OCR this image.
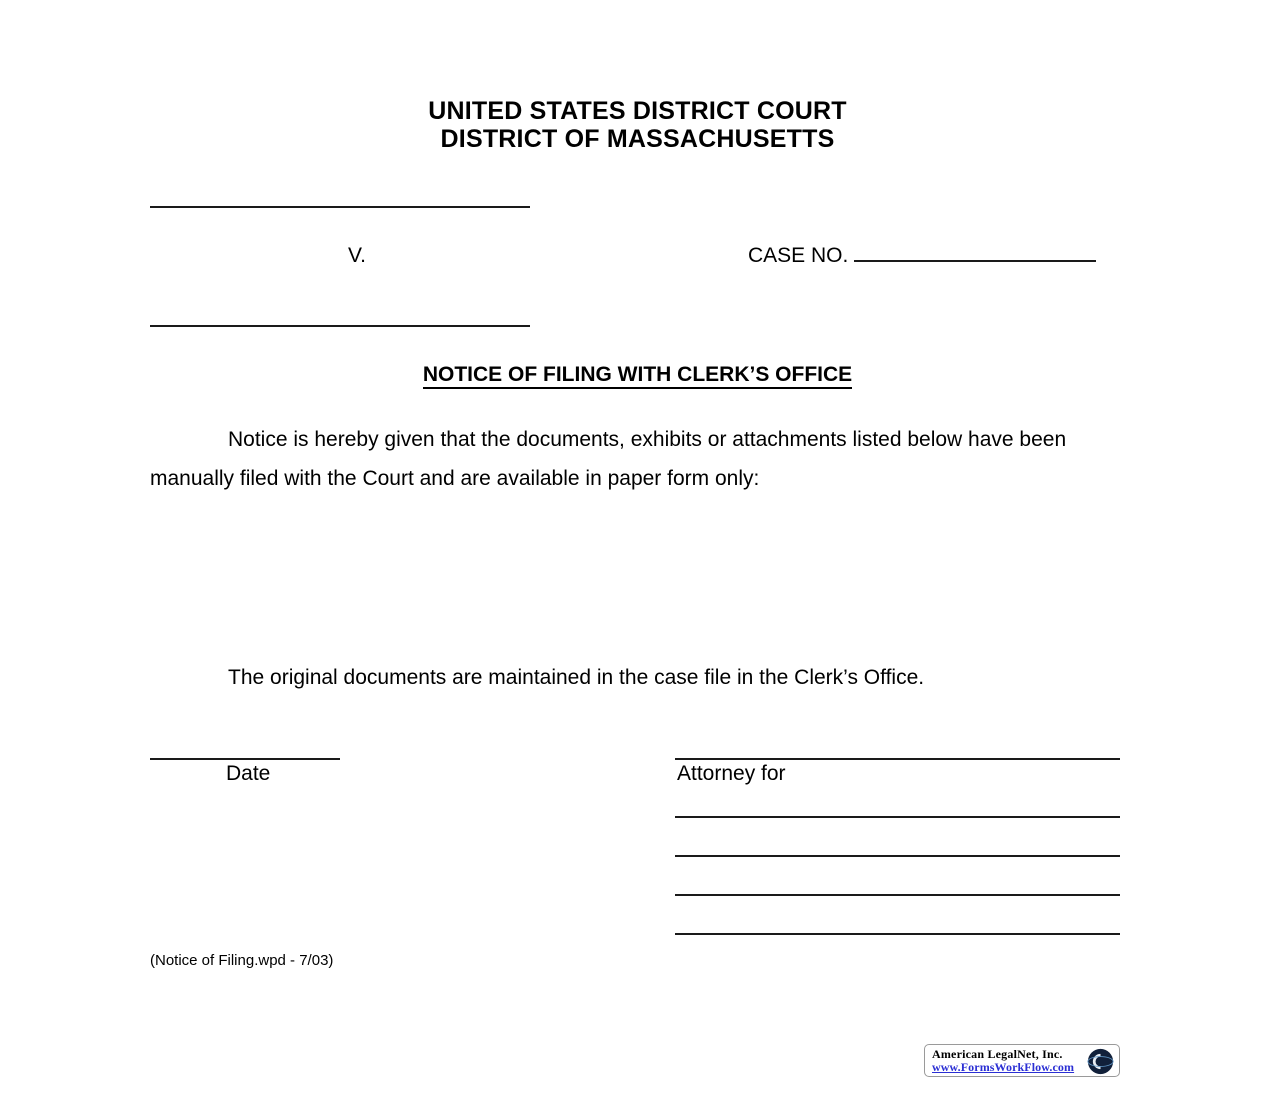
UNITED STATES DISTRICT COURT
DISTRICT OF MASSACHUSETTS
V.	CASE NO.
NOTICE OF FILING WITH CLERK’S OFFICE
Notice is hereby given that the documents, exhibits or attachments listed below have been manually filed with the Court and are available in paper form only:
The original documents are maintained in the case file in the Clerk’s Office.
Date	Attorney for
(Notice of Filing.wpd - 7/03)
American LegalNet, Inc.
www.FormsWorkFlow.com
